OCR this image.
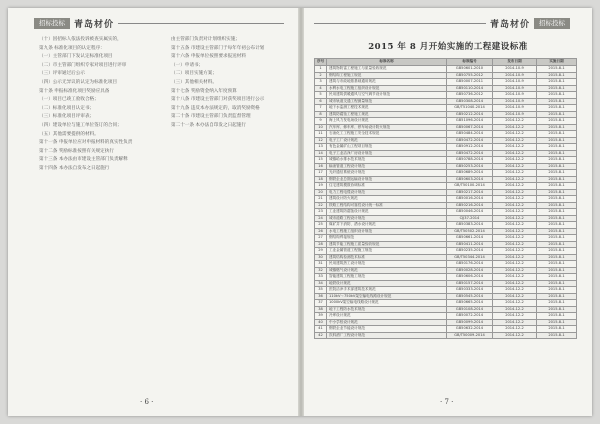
招标投标	青岛材价

（十）因招标人依法投诉被查实属实的，

第九条 标准化项目的认定程序：

（一）主管部门下发认定标准化项目

（二）市主管部门组织专家对项目进行评审

（三）评审通过后公示

（四）公示无异议的认定为标准化项目

第十条 申报标准化项目奖励应具备

（一）项目已竣工验收合格；

（二）标准化项目认定书；

（三）标准化项目评审表；

（四）建设单位与施工单位签订的合同；

（五）其他需要提供的材料。

第十一条 申报单位应对申报材料的真实性负责

第十二条 奖励标准按照有关规定执行

第十三条 本办法由市建设主管部门负责解释

第十四条 本办法自发布之日起施行

由主管部门负责对计划组织实施；

第十五条 市建设主管部门于每年年初公布计划

第十六条 申报单位按照要求报送材料

（一）申请书；

（二）项目实施方案；

（三）其他相关材料。

第十七条 奖励资金纳入年度预算

第十八条 市建设主管部门对获奖项目进行公示

第十九条 违反本办法规定的，取消奖励资格

第二十条 市建设主管部门负责监督管理

第二十一条 本办法自印发之日起施行

· 6 ·
青岛材价	招标投标
2015 年 8 月开始实施的工程建设标准
序号	标准名称	标准编号	发布日期	实施日期
1	建筑物防雷工程施工与质量验收规范	GB50601-2010	2014-10-9	2015-8-1
2	钢结构工程施工规范	GB50755-2012	2014-10-9	2015-8-1
3	建筑与市政地基基础通用规范	GB50007-2011	2014-10-9	2015-8-1
4	水利水电工程施工组织设计规范	GB50110-2014	2014-10-9	2015-8-1
5	民用建筑供暖通风与空气调节设计规范	GB50736-2012	2014-10-9	2015-8-1
6	城市轨道交通工程测量规范	GB50308-2014	2014-10-9	2015-8-1
7	地下水监测工程技术规范	GB/T51040-2014	2014-10-9	2015-8-1
8	建筑防腐蚀工程施工规范	GB50212-2014	2014-10-9	2015-8-1
9	海上风力发电场设计规范	GB51096-2014	2014-12-2	2015-8-1
10	汽车库、修车库、停车场设计防火规范	GB50067-2014	2014-12-2	2015-8-1
11	石油化工工程施工安全技术规范	GB50484-2014	2014-12-2	2015-8-1
12	电子工厂设计规范	GB50472-2014	2014-12-2	2015-8-1
13	有色金属矿山工程项目规范	GB50912-2014	2014-12-2	2015-8-1
14	电子工业洁净厂房设计规范	GB50472-2014	2014-12-2	2015-8-1
15	城镇给水排水技术规范	GB50788-2014	2014-12-2	2015-8-1
16	输油管道工程设计规范	GB50253-2014	2014-12-2	2015-8-1
17	光纤通信系统设计规范	GB50689-2014	2014-12-2	2015-8-1
18	钢铁企业总图运输设计规范	GB50603-2014	2014-12-2	2015-8-1
19	住宅建筑模数协调标准	GB/T50100-2014	2014-12-2	2015-8-1
20	电力工程电缆设计规范	GB50217-2014	2014-12-2	2015-8-1
21	建筑设计防火规范	GB50016-2014	2014-12-2	2015-8-1
22	铁路工程结构可靠性设计统一标准	GB50216-2014	2014-12-2	2015-8-1
23	工业建筑防腐蚀设计规范	GB50046-2014	2014-12-2	2015-8-1
24	城市道路工程设计规范	CJJ37-2014	2014-12-2	2015-8-1
25	煤矿井下消防、洒水设计规范	GB50383-2014	2014-12-2	2015-8-1
26	水电工程施工组织设计规范	GB/T50502-2014	2014-12-2	2015-8-1
27	钢结构焊接规范	GB50661-2014	2014-12-2	2015-8-1
28	建筑节能工程施工质量验收规范	GB50411-2014	2014-12-2	2015-8-1
29	工业金属管道工程施工规范	GB50235-2014	2014-12-2	2015-8-1
30	建筑结构检测技术标准	GB/T50344-2014	2014-12-2	2015-8-1
31	民用建筑热工设计规范	GB50176-2014	2014-12-2	2015-8-1
32	城镇燃气设计规范	GB50028-2014	2014-12-2	2015-8-1
33	智能建筑工程施工规范	GB50606-2014	2014-12-2	2015-8-1
34	地铁设计规范	GB50157-2014	2014-12-2	2015-8-1
35	医院洁净手术部建筑技术规范	GB50333-2014	2014-12-2	2015-8-1
36	110kV～750kV架空输电线路设计规范	GB50545-2014	2014-12-2	2015-8-1
37	1000kV架空输电线路设计规范	GB50665-2014	2014-12-2	2015-8-1
38	地下工程防水技术规范	GB50108-2014	2014-12-2	2015-8-1
39	冷库设计规范	GB50072-2014	2014-12-2	2015-8-1
40	中小学校设计规范	GB50099-2014	2014-12-2	2015-8-1
41	钢铁企业节能设计规范	GB50632-2014	2014-12-2	2015-8-1
42	饮料酒厂工程设计规范	GB/T50009-2014	2014-12-2	2015-8-1
· 7 ·
